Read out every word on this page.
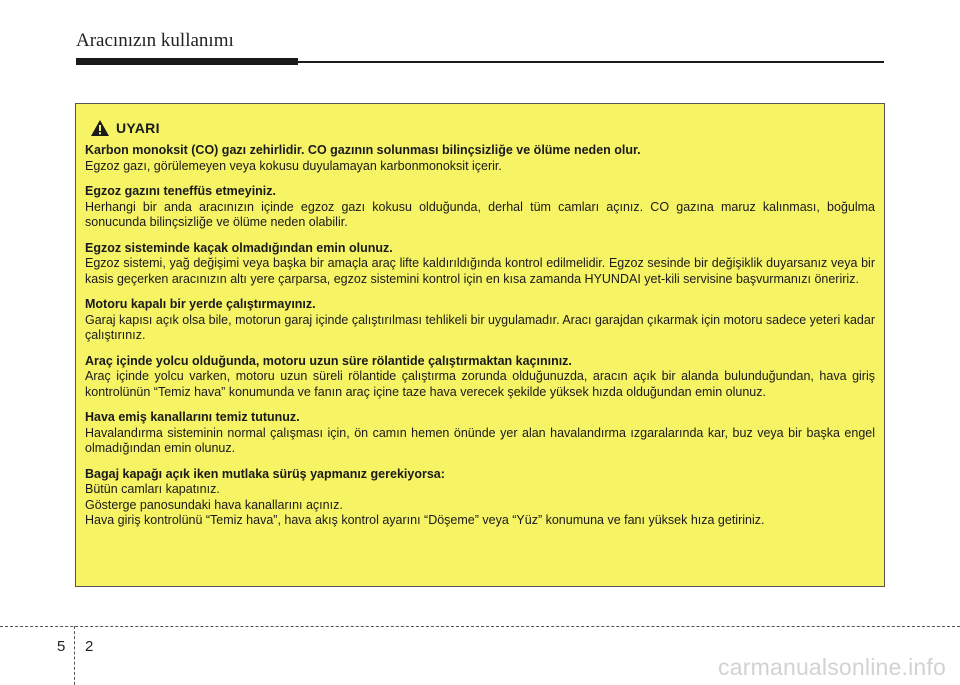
Aracınızın kullanımı
UYARI

Karbon monoksit (CO) gazı zehirlidir. CO gazının solunması bilinçsizliğe ve ölüme neden olur.

Egzoz gazı, görülemeyen veya kokusu duyulamayan karbonmonoksit içerir.

Egzoz gazını teneffüs etmeyiniz.

Herhangi bir anda aracınızın içinde egzoz gazı kokusu olduğunda, derhal tüm camları açınız. CO gazına maruz kalınması, boğulma sonucunda bilinçsizliğe ve ölüme neden olabilir.

Egzoz sisteminde kaçak olmadığından emin olunuz.

Egzoz sistemi, yağ değişimi veya başka bir amaçla araç lifte kaldırıldığında kontrol edilmelidir. Egzoz sesinde bir değişiklik duyarsanız veya bir kasis geçerken aracınızın altı yere çarparsa, egzoz sistemini kontrol için en kısa zamanda HYUNDAI yet-kili servisine başvurmanızı öneririz.

Motoru kapalı bir yerde çalıştırmayınız.

Garaj kapısı açık olsa bile, motorun garaj içinde çalıştırılması tehlikeli bir uygulamadır. Aracı garajdan çıkarmak için motoru sadece yeteri kadar çalıştırınız.

Araç içinde yolcu olduğunda, motoru uzun süre rölantide çalıştırmaktan kaçınınız.

Araç içinde yolcu varken, motoru uzun süreli rölantide çalıştırma zorunda olduğunuzda, aracın açık bir alanda bulunduğundan, hava giriş kontrolünün “Temiz hava” konumunda ve fanın araç içine taze hava verecek şekilde yüksek hızda olduğundan emin olunuz.

Hava emiş kanallarını temiz tutunuz.

Havalandırma sisteminin normal çalışması için, ön camın hemen önünde yer alan havalandırma ızgaralarında kar, buz veya bir başka engel olmadığından emin olunuz.

Bagaj kapağı açık iken mutlaka sürüş yapmanız gerekiyorsa:

Bütün camları kapatınız.

Gösterge panosundaki hava kanallarını açınız.

Hava giriş kontrolünü “Temiz hava”, hava akış kontrol ayarını “Döşeme” veya “Yüz” konumuna ve fanı yüksek hıza getiriniz.

5 2
carmanualsonline.info
